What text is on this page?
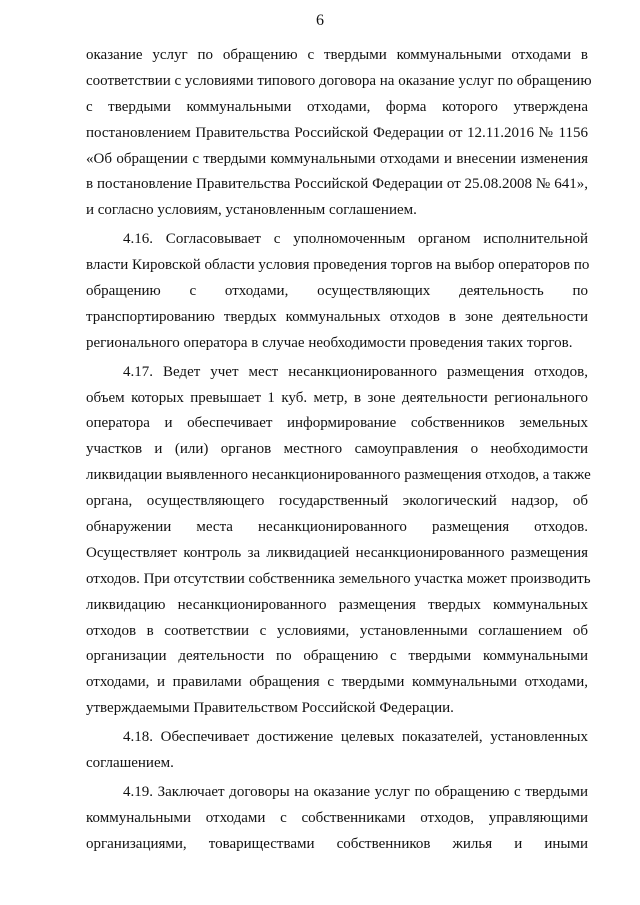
6
оказание услуг по обращению с твердыми коммунальными отходами в
соответствии с условиями типового договора на оказание услуг по обращению
с твердыми коммунальными отходами, форма которого утверждена
постановлением Правительства Российской Федерации от 12.11.2016 № 1156
«Об обращении с твердыми коммунальными отходами и внесении изменения
в постановление Правительства Российской Федерации от 25.08.2008 № 641»,
и согласно условиям, установленным соглашением.
4.16. Согласовывает с уполномоченным органом исполнительной
власти Кировской области условия проведения торгов на выбор операторов по
обращению с отходами, осуществляющих деятельность по
транспортированию твердых коммунальных отходов в зоне деятельности
регионального оператора в случае необходимости проведения таких торгов.
4.17. Ведет учет мест несанкционированного размещения отходов,
объем которых превышает 1 куб. метр, в зоне деятельности регионального
оператора и обеспечивает информирование собственников земельных
участков и (или) органов местного самоуправления о необходимости
ликвидации выявленного несанкционированного размещения отходов, а также
органа, осуществляющего государственный экологический надзор, об
обнаружении места несанкционированного размещения отходов.
Осуществляет контроль за ликвидацией несанкционированного размещения
отходов. При отсутствии собственника земельного участка может производить
ликвидацию несанкционированного размещения твердых коммунальных
отходов в соответствии с условиями, установленными соглашением об
организации деятельности по обращению с твердыми коммунальными
отходами, и правилами обращения с твердыми коммунальными отходами,
утверждаемыми Правительством Российской Федерации.
4.18. Обеспечивает достижение целевых показателей, установленных
соглашением.
4.19. Заключает договоры на оказание услуг по обращению с твердыми
коммунальными отходами с собственниками отходов, управляющими
организациями, товариществами собственников жилья и иными
